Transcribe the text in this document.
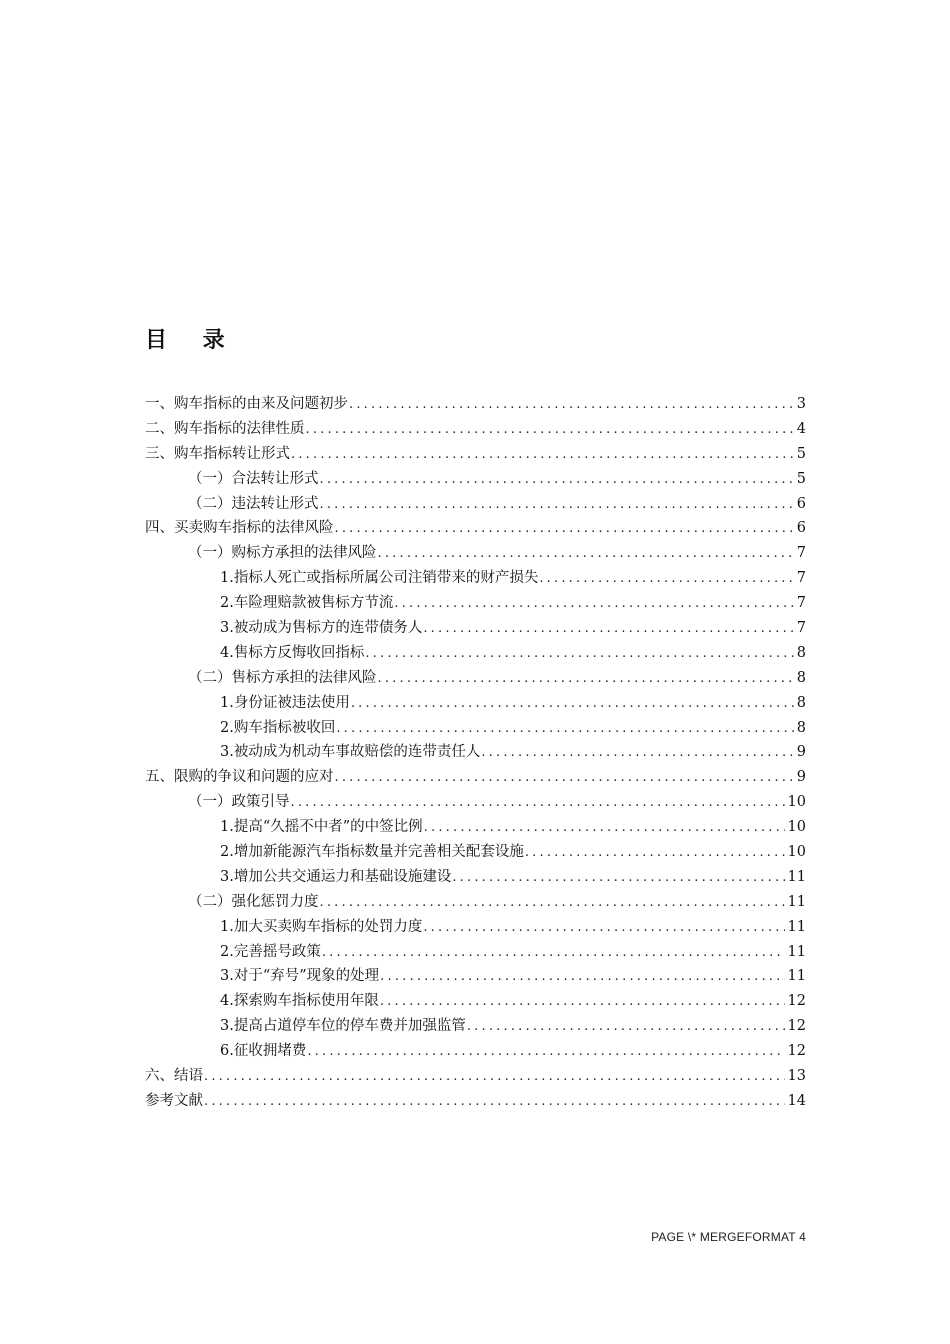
目 录
一、购车指标的由来及问题初步 .....	3
二、购车指标的法律性质 .....	4
三、购车指标转让形式 .....	5
（一）合法转让形式 .....	5
（二）违法转让形式 .....	6
四、买卖购车指标的法律风险 .....	6
（一）购标方承担的法律风险 .....	7
1.指标人死亡或指标所属公司注销带来的财产损失 .....	7
2.车险理赔款被售标方节流 .....	7
3.被动成为售标方的连带债务人 .....	7
4.售标方反悔收回指标 .....	8
（二）售标方承担的法律风险 .....	8
1.身份证被违法使用 .....	8
2.购车指标被收回 .....	8
3.被动成为机动车事故赔偿的连带责任人 .....	9
五、限购的争议和问题的应对 .....	9
（一）政策引导 .....	10
1.提高“久摇不中者”的中签比例 .....	10
2.增加新能源汽车指标数量并完善相关配套设施 .....	10
3.增加公共交通运力和基础设施建设 .....	11
（二）强化惩罚力度 .....	11
1.加大买卖购车指标的处罚力度 .....	11
2.完善摇号政策 .....	11
3.对于“弃号”现象的处理 .....	11
4.探索购车指标使用年限 .....	12
3.提高占道停车位的停车费并加强监管 .....	12
6.征收拥堵费 .....	12
六、结语 .....	13
参考文献 .....	14
PAGE \* MERGEFORMAT 4
